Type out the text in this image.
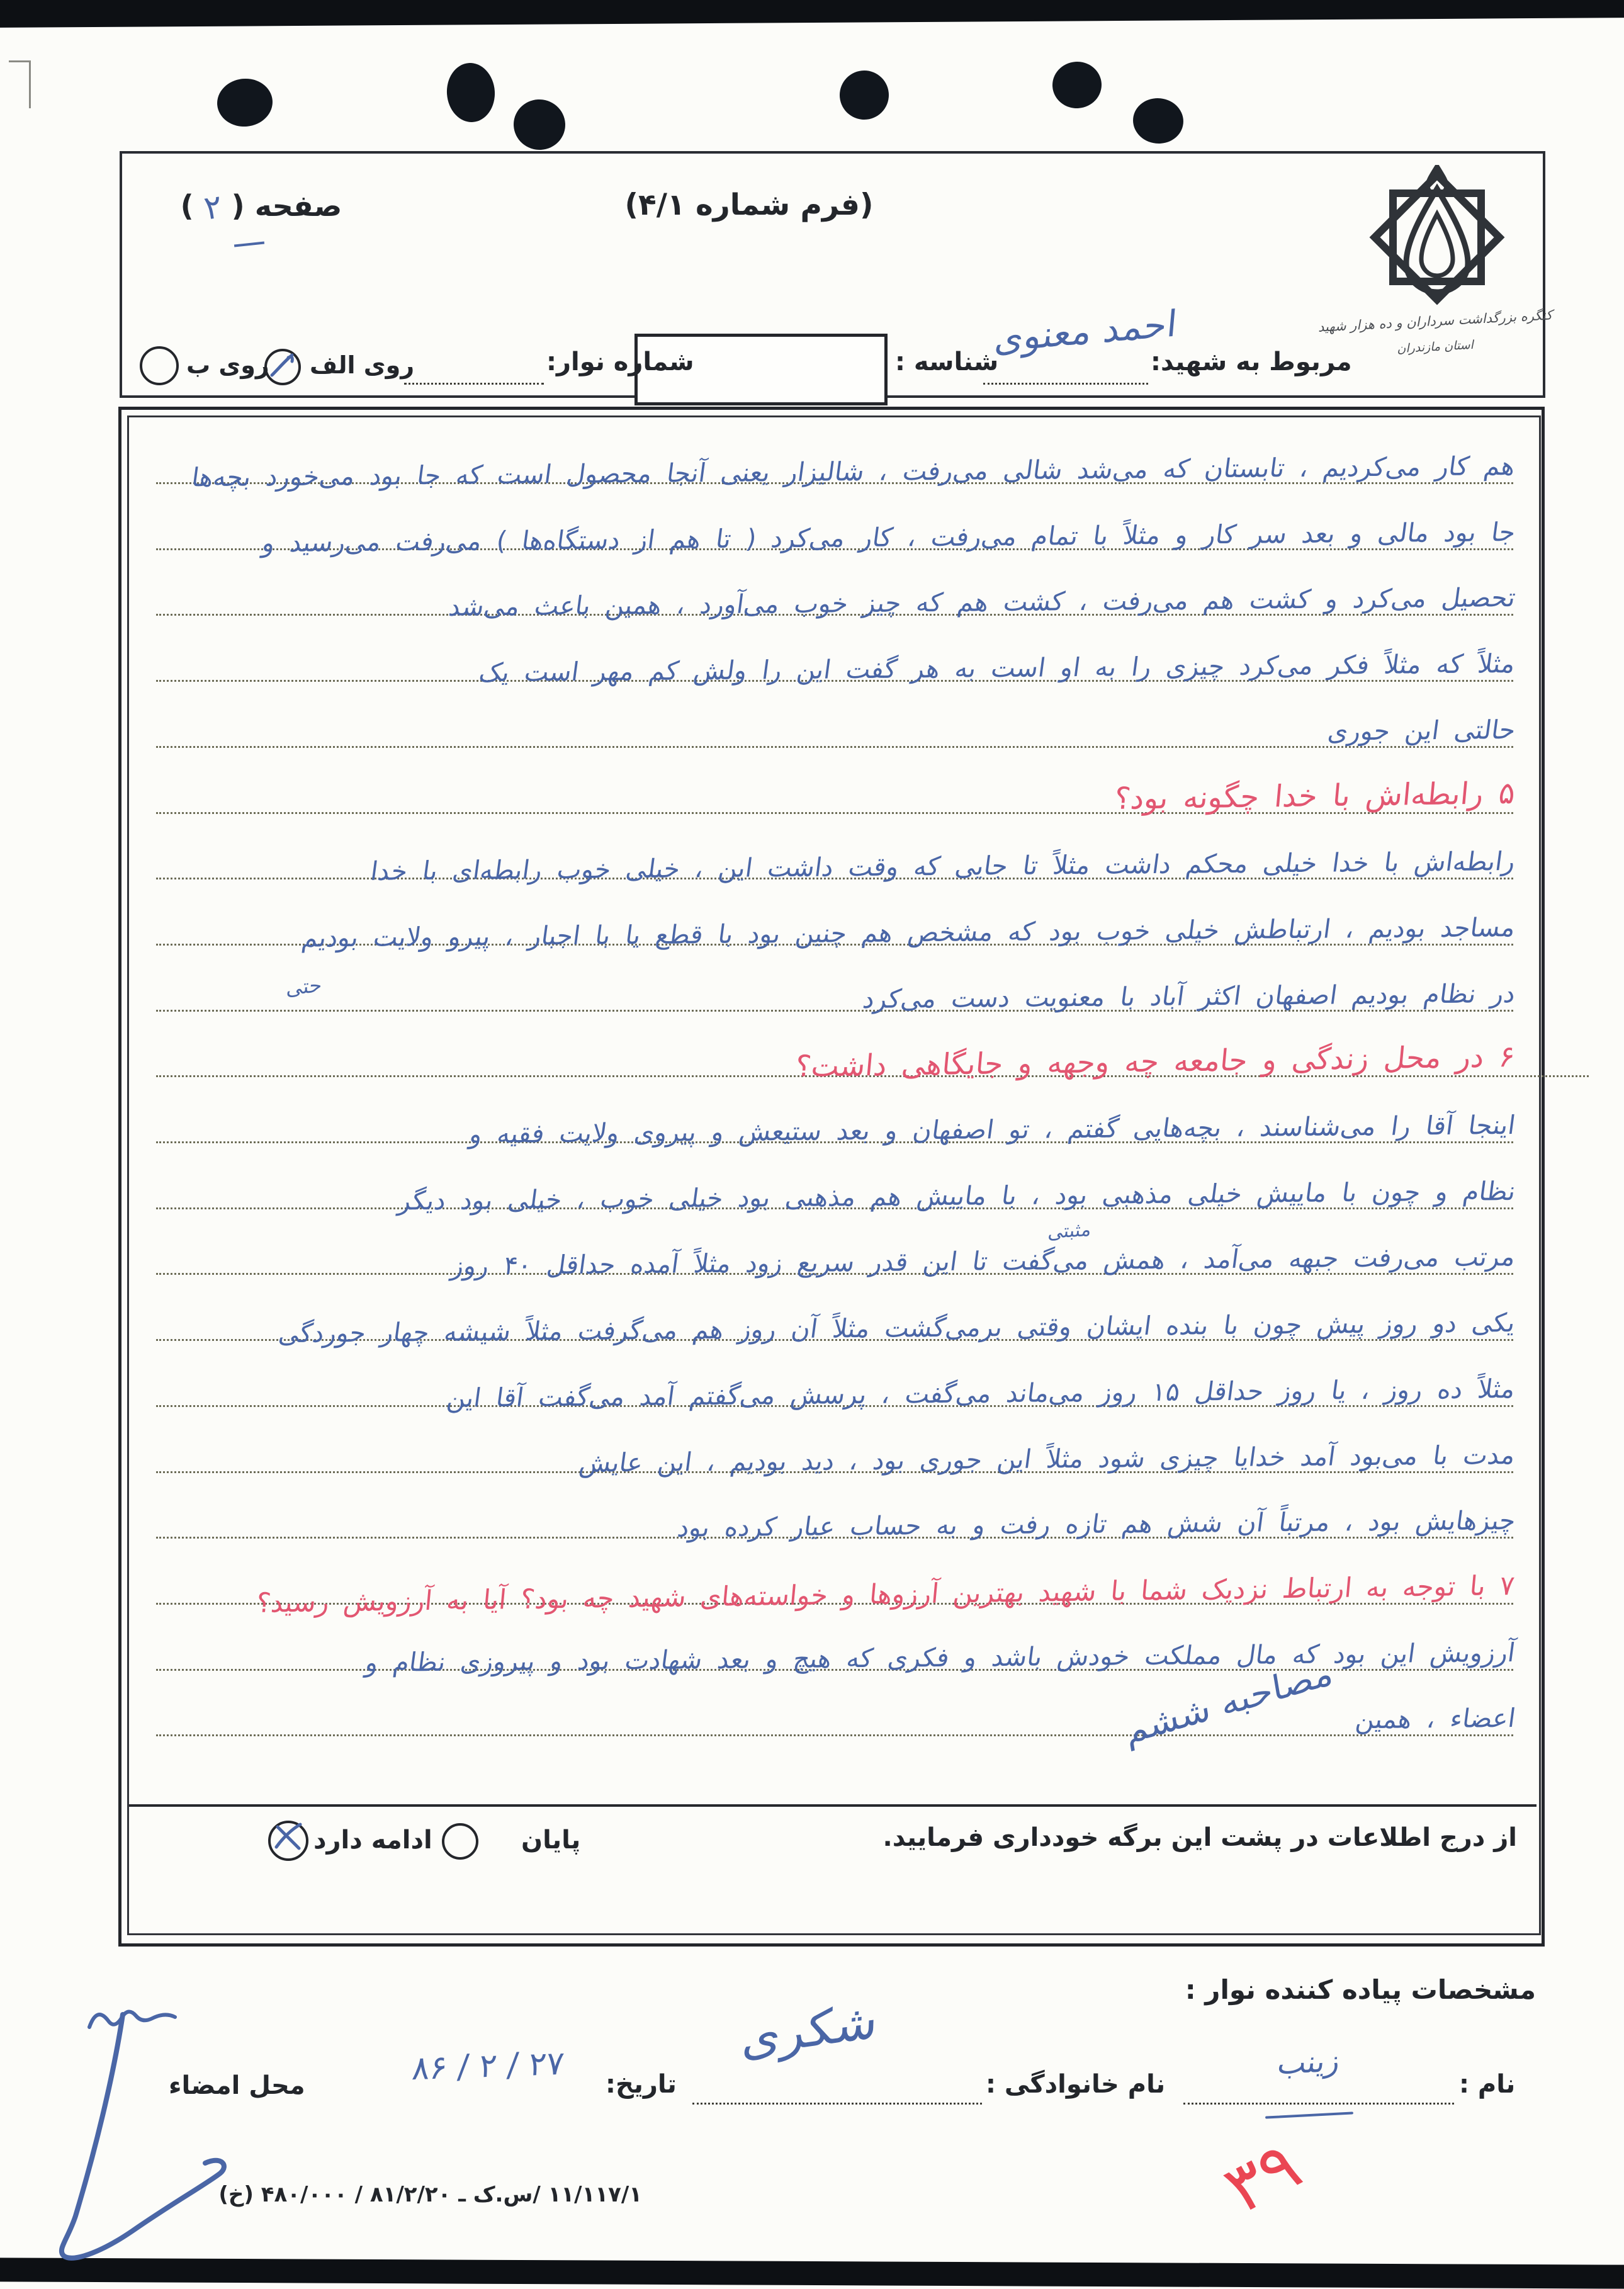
صفحه ( ۲ )	(فرم شماره ۴/۱)
کنگره بزرگداشت سرداران و ده هزار شهید
استان مازندران
مربوط به شهید:
احمد معنوی
شناسه :
شماره نوار:
روی الف
روی ب
هم کار می‌کردیم ، تابستان که می‌شد شالی می‌رفت ، شالیزار یعنی آنجا محصول است که جا بود می‌خورد بچه‌ها
جا بود مالی و بعد سر کار و مثلاً با تمام می‌رفت ، کار می‌کرد ( تا هم از دستگاه‌ها ) می‌رفت می‌رسید و
تحصیل می‌کرد و کشت هم می‌رفت ، کشت هم که چیز خوب می‌آورد ، همین باعث می‌شد
مثلاً که مثلاً فکر می‌کرد چیزی را به او است به هر گفت این را ولش کم مهر است یک
حالتی این جوری
۵ رابطه‌اش با خدا چگونه بود؟
رابطه‌اش با خدا خیلی محکم داشت مثلاً تا جایی که وقت داشت این ، خیلی خوب رابطه‌ای با خدا
مساجد بودیم ، ارتباطش خیلی خوب بود که مشخص هم چنین بود با قطع یا با اجبار ، پیرو ولایت بودیم
در نظام بودیم اصفهان اکثر آباد با معنویت دست می‌کرد
۶ در محل زندگی و جامعه چه وجهه و جایگاهی داشت؟
اینجا آقا را می‌شناسند ، بچه‌هایی گفتم ، تو اصفهان و بعد ستیعش و پیروی ولایت فقیه و
نظام و چون با ماییش خیلی مذهبی بود ، با ماییش هم مذهبی بود خیلی خوب ، خیلی بود دیگر
مرتب می‌رفت جبهه می‌آمد ، همش می‌گفت تا این قدر سریع زود مثلاً آمده حداقل ۴۰ روز
یکی دو روز پیش چون با بنده ایشان وقتی برمی‌گشت مثلاً آن روز هم می‌گرفت مثلاً شیشه چهار جوردگی
مثلاً ده روز ، یا روز حداقل ۱۵ روز می‌ماند می‌گفت ، پرسش می‌گفتم آمد می‌گفت آقا این
مدت با می‌بود آمد خدایا چیزی شود مثلاً این جوری بود ، دید بودیم ، این عایش
چیزهایش بود ، مرتباً آن شش هم تازه رفت و به حساب عیار کرده بود
۷ با توجه به ارتباط نزدیک شما با شهید بهترین آرزوها و خواسته‌های شهید چه بود؟ آیا به آرزویش رسید؟
آرزویش این بود که مال مملکت خودش باشد و فکری که هیچ و بعد شهادت بود و پیروزی نظام و
اعضاء ، همین
حتی
مثبتی
مصاحبه ششم
از درج اطلاعات در پشت این برگه خودداری فرمایید.
پایان
ادامه دارد
مشخصات پیاده کننده نوار :
نام :
زینب
نام خانوادگی :
شکری
تاریخ:
۲۷ / ۲ / ۸۶
محل امضاء
۱۱/۱۱۷/۱ /س.ک ـ ۸۱/۲/۲۰ / ۴۸۰/۰۰۰ (خ)	۳۹
